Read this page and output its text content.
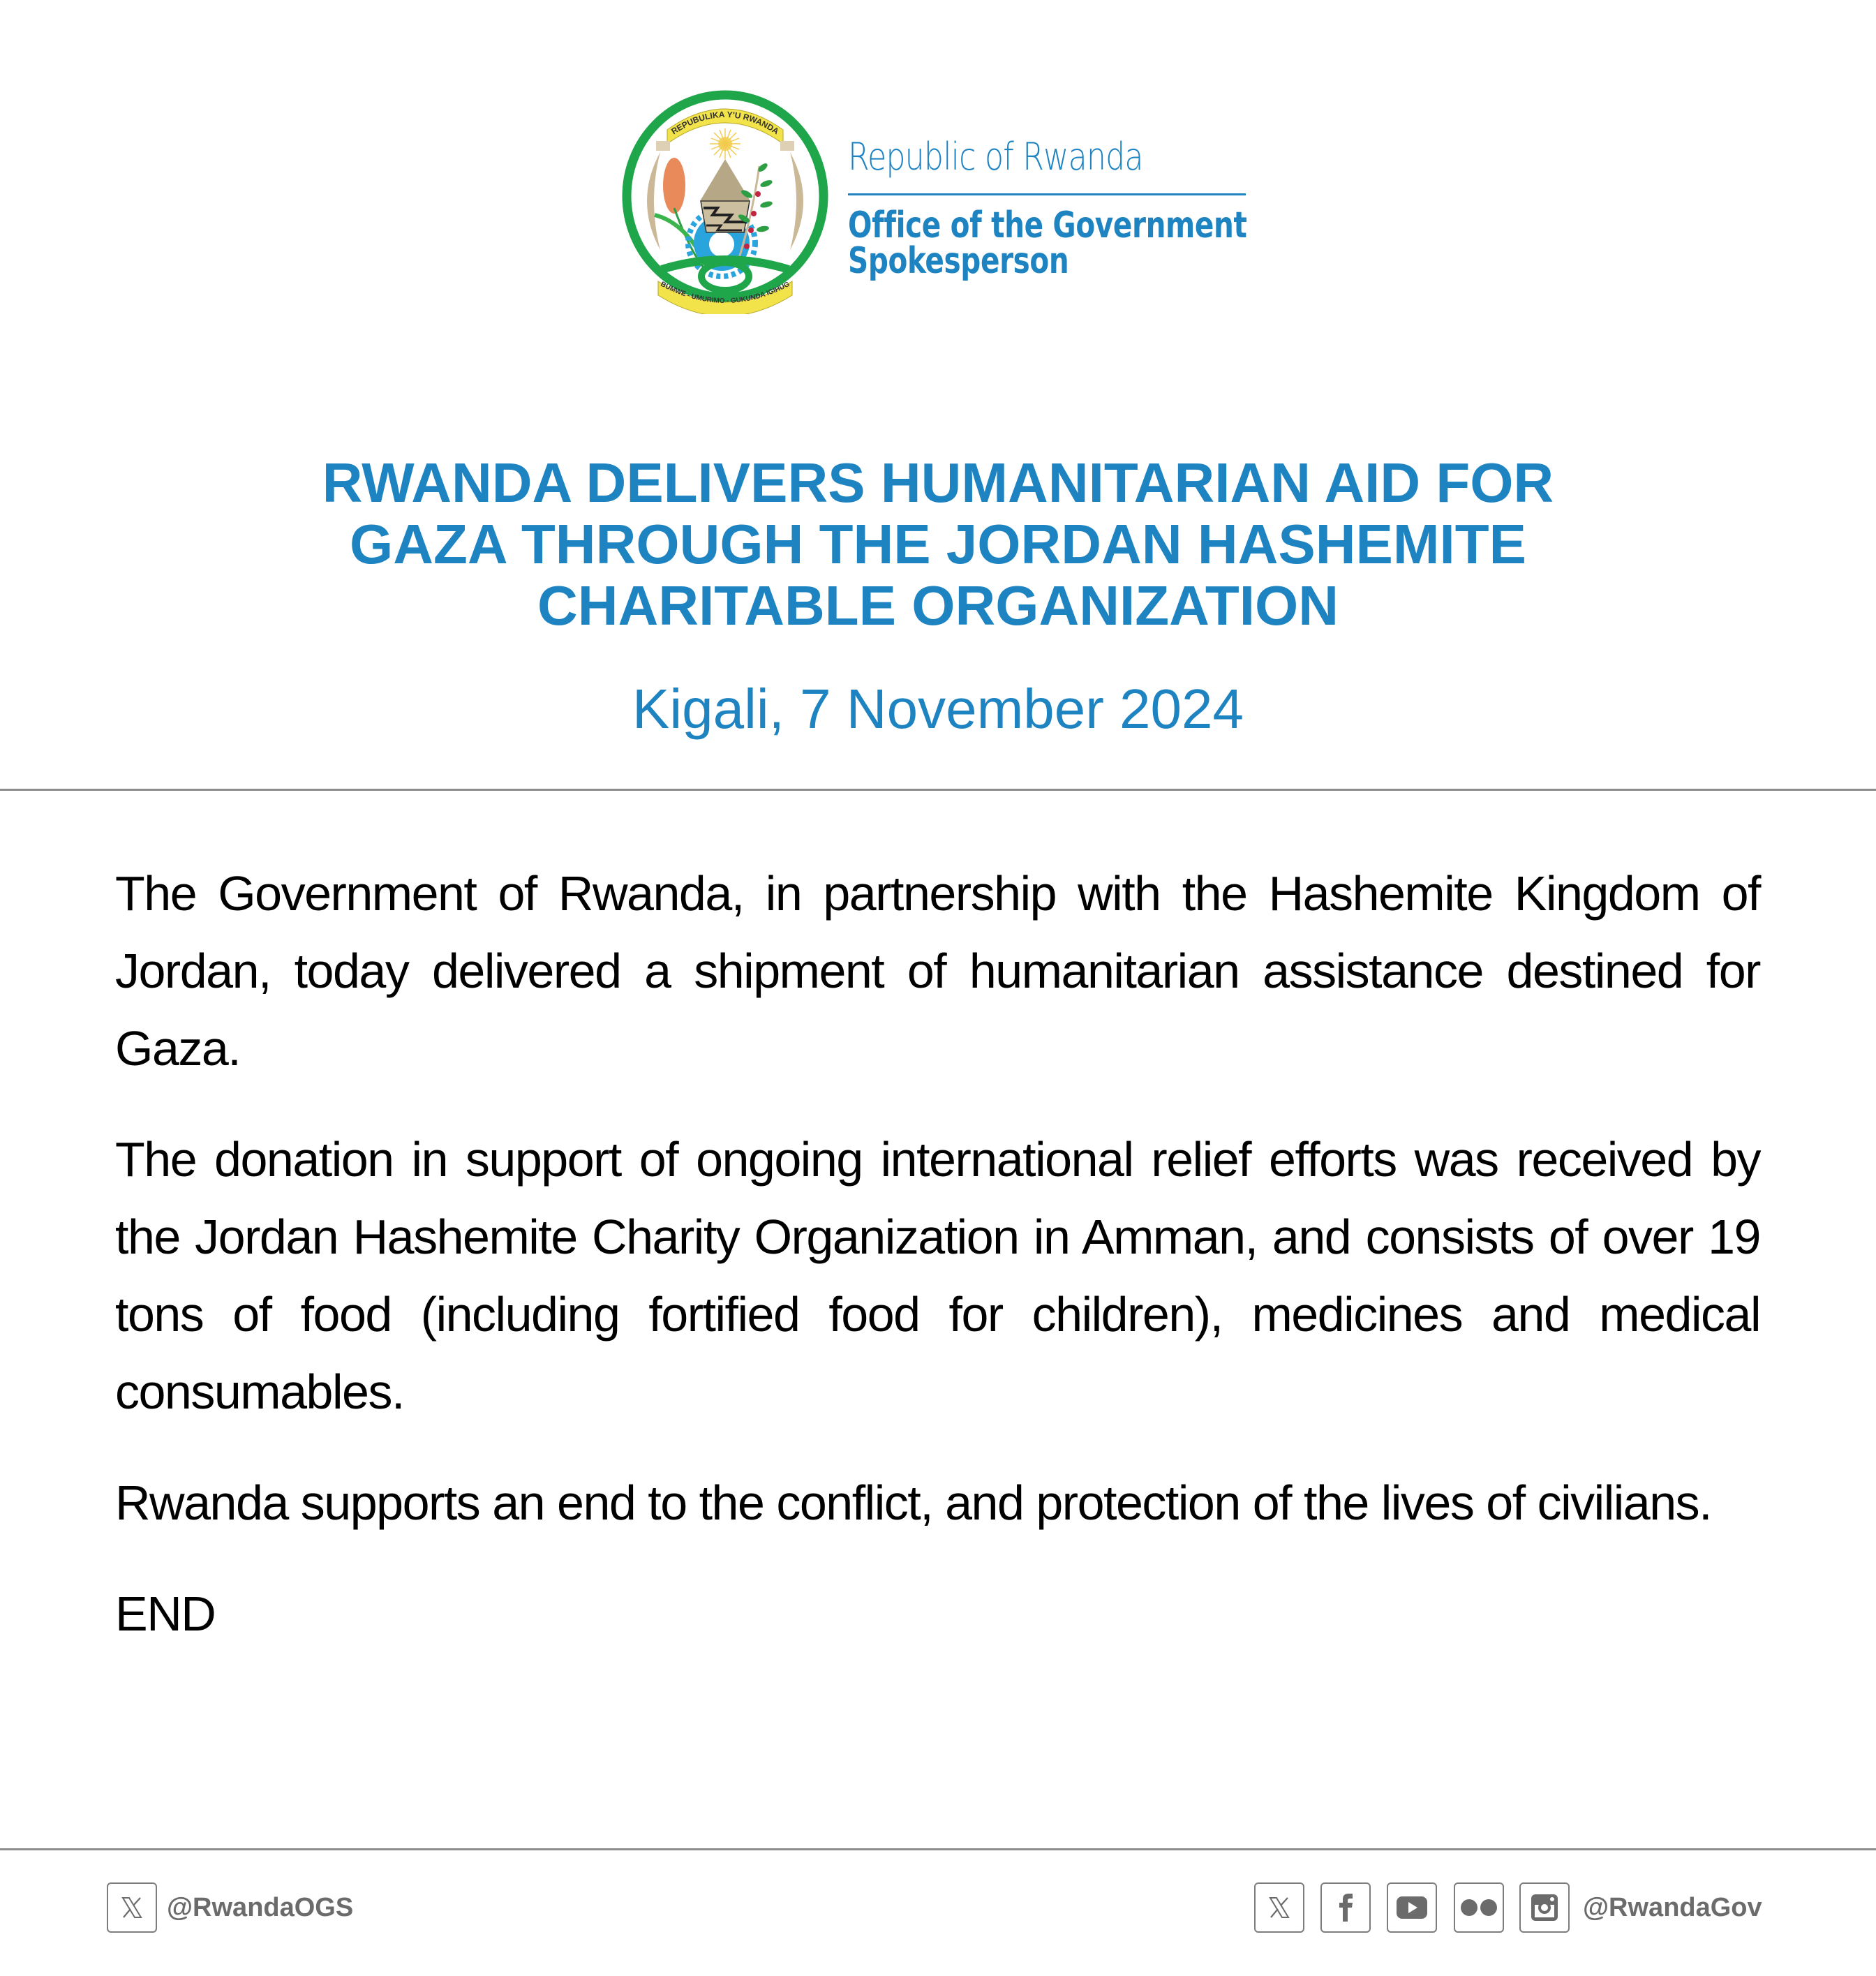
REPUBULIKA Y'U RWANDA
BUMWE - UMURIMO - GUKUNDA IGIHUG
Republic of Rwanda
Office of the Government
Spokesperson
RWANDA DELIVERS HUMANITARIAN AID FOR
GAZA THROUGH THE JORDAN HASHEMITE
CHARITABLE ORGANIZATION
Kigali, 7 November 2024

The Government of Rwanda, in partnership with the Hashemite Kingdom of Jordan, today delivered a shipment of humanitarian assistance destined for Gaza.

The donation in support of ongoing international relief efforts was received by the Jordan Hashemite Charity Organization in Amman, and consists of over 19 tons of food (including fortified food for children), medicines and medical consumables.

Rwanda supports an end to the conflict, and protection of the lives of civilians.

END

@RwandaOGS	@RwandaGov
